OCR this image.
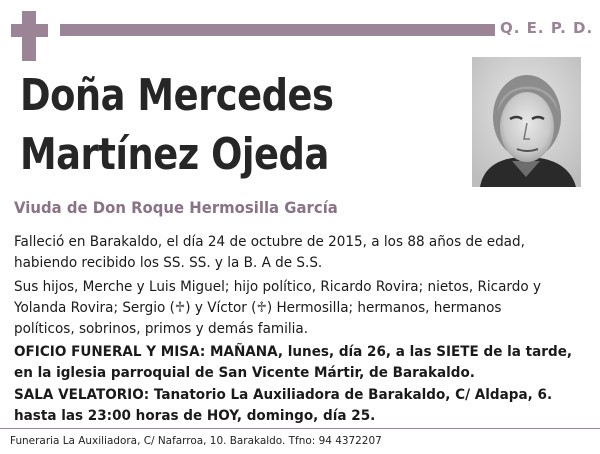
Q. E. P. D.
Doña Mercedes
Martínez Ojeda
Viuda de Don Roque Hermosilla García
Falleció en Barakaldo, el día 24 de octubre de 2015, a los 88 años de edad, habiendo recibido los SS. SS. y la B. A de S.S.
Sus hijos, Merche y Luis Miguel; hijo político, Ricardo Rovira; nietos, Ricardo y Yolanda Rovira; Sergio (♱) y Víctor (♱) Hermosilla; hermanos, hermanos políticos, sobrinos, primos y demás familia.
OFICIO FUNERAL Y MISA: MAÑANA, lunes, día 26, a las SIETE de la tarde, en la iglesia parroquial de San Vicente Mártir, de Barakaldo.
SALA VELATORIO: Tanatorio La Auxiliadora de Barakaldo, C/ Aldapa, 6. hasta las 23:00 horas de HOY, domingo, día 25.
Funeraria La Auxiliadora, C/ Nafarroa, 10. Barakaldo. Tfno: 94 4372207
